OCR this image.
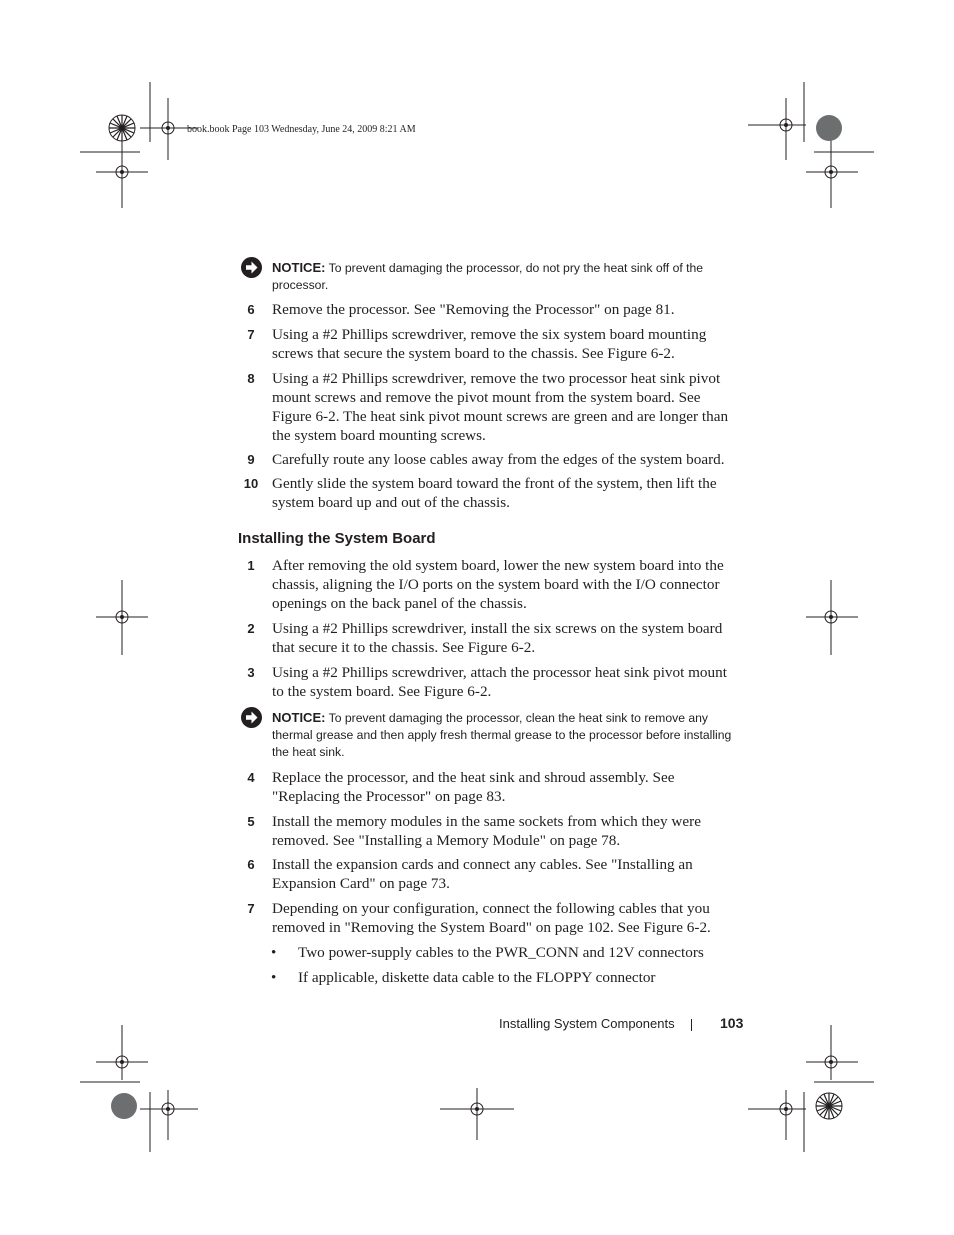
book.book Page 103 Wednesday, June 24, 2009 8:21 AM
NOTICE: To prevent damaging the processor, do not pry the heat sink off of the processor.
6	Remove the processor. See "Removing the Processor" on page 81.
7	Using a #2 Phillips screwdriver, remove the six system board mounting screws that secure the system board to the chassis. See Figure 6-2.
8	Using a #2 Phillips screwdriver, remove the two processor heat sink pivot mount screws and remove the pivot mount from the system board. See Figure 6-2. The heat sink pivot mount screws are green and are longer than the system board mounting screws.
9	Carefully route any loose cables away from the edges of the system board.
10 Gently slide the system board toward the front of the system, then lift the system board up and out of the chassis.
Installing the System Board
1	After removing the old system board, lower the new system board into the chassis, aligning the I/O ports on the system board with the I/O connector openings on the back panel of the chassis.
2	Using a #2 Phillips screwdriver, install the six screws on the system board that secure it to the chassis. See Figure 6-2.
3	Using a #2 Phillips screwdriver, attach the processor heat sink pivot mount to the system board. See Figure 6-2.
NOTICE: To prevent damaging the processor, clean the heat sink to remove any thermal grease and then apply fresh thermal grease to the processor before installing the heat sink.
4	Replace the processor, and the heat sink and shroud assembly. See "Replacing the Processor" on page 83.
5	Install the memory modules in the same sockets from which they were removed. See "Installing a Memory Module" on page 78.
6	Install the expansion cards and connect any cables. See "Installing an Expansion Card" on page 73.
7	Depending on your configuration, connect the following cables that you removed in "Removing the System Board" on page 102. See Figure 6-2.
• Two power-supply cables to the PWR_CONN and 12V connectors
• If applicable, diskette data cable to the FLOPPY connector
Installing System Components	103
